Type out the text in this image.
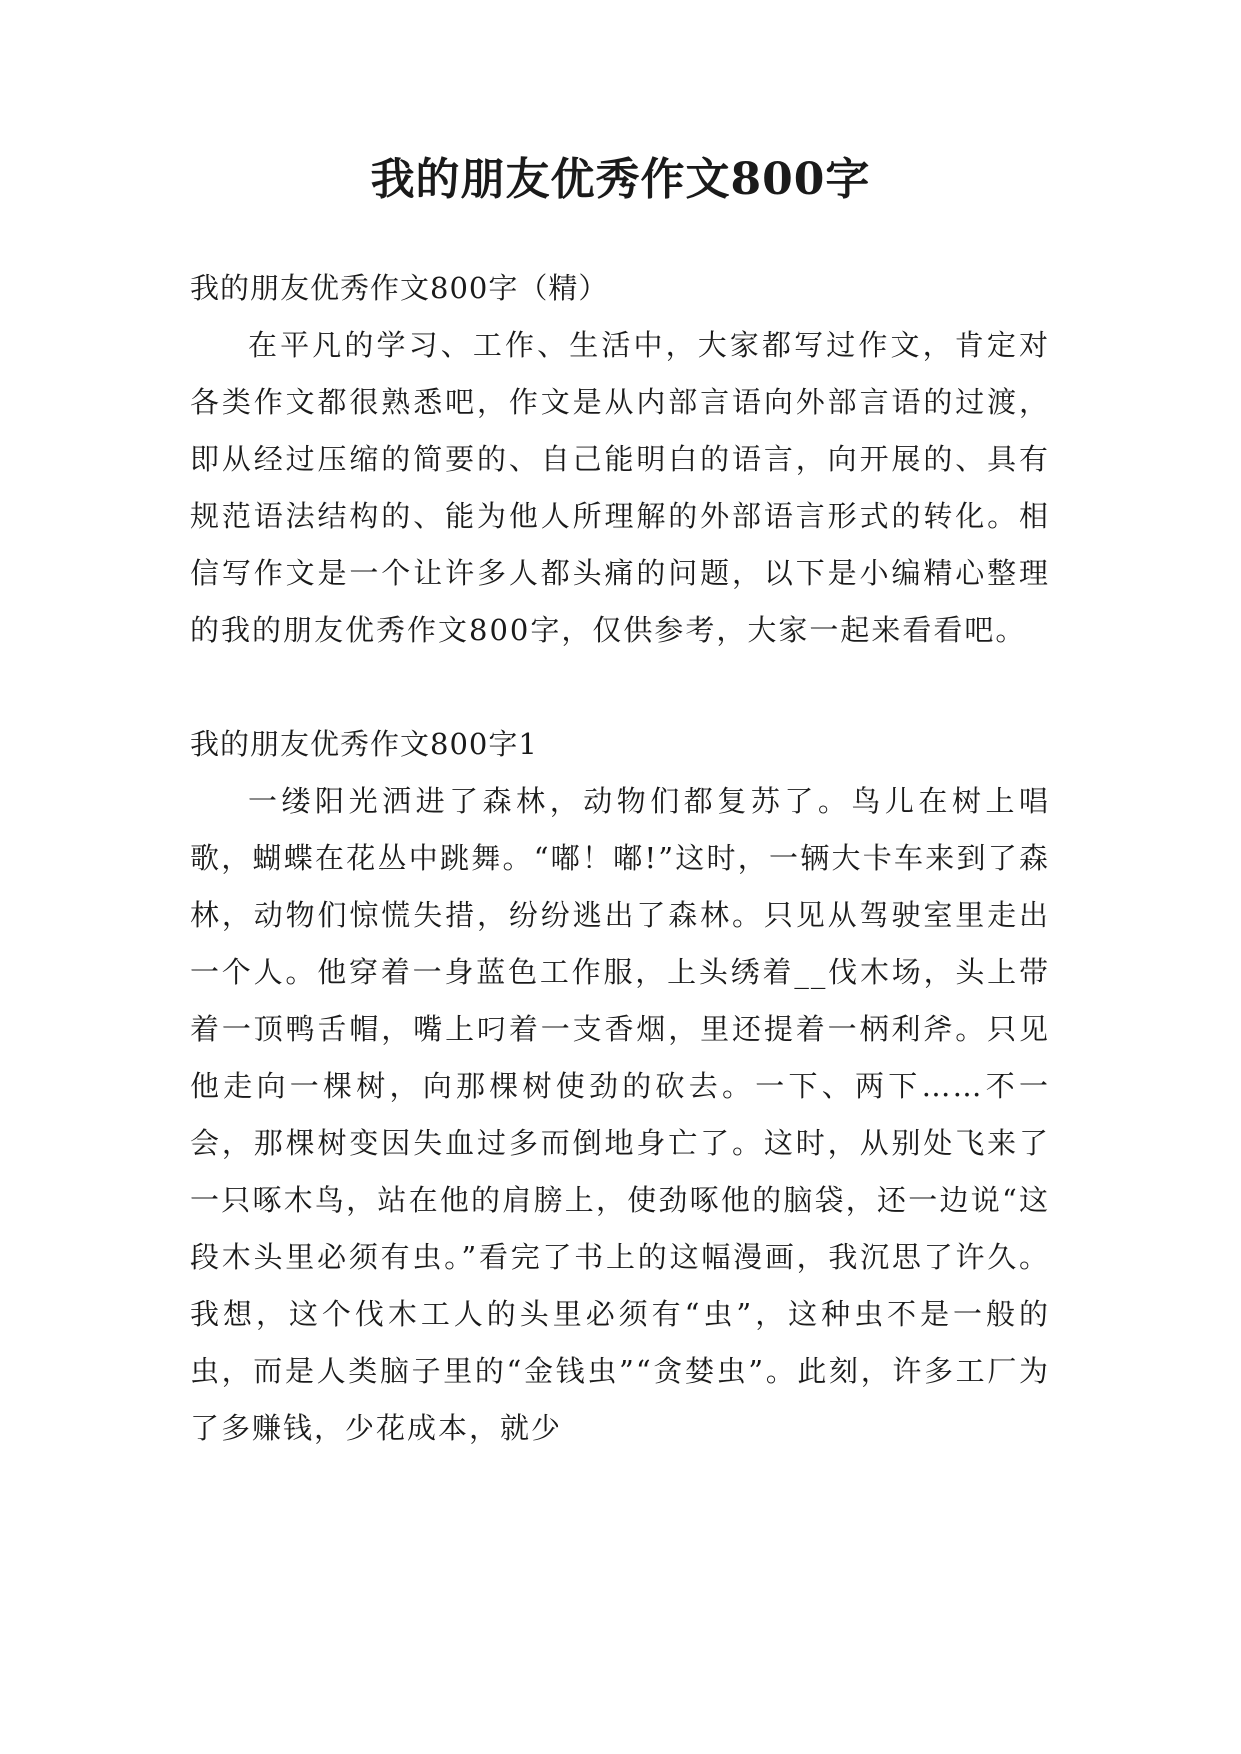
我的朋友优秀作文800字

我的朋友优秀作文800字（精）

在平凡的学习、工作、生活中，大家都写过作文，肯定对各类作文都很熟悉吧，作文是从内部言语向外部言语的过渡，即从经过压缩的简要的、自己能明白的语言，向开展的、具有规范语法结构的、能为他人所理解的外部语言形式的转化。相信写作文是一个让许多人都头痛的问题，以下是小编精心整理的我的朋友优秀作文800字，仅供参考，大家一起来看看吧。

我的朋友优秀作文800字1

一缕阳光洒进了森林，动物们都复苏了。鸟儿在树上唱歌，蝴蝶在花丛中跳舞。“嘟！嘟!”这时，一辆大卡车来到了森林，动物们惊慌失措，纷纷逃出了森林。只见从驾驶室里走出一个人。他穿着一身蓝色工作服，上头绣着__伐木场，头上带着一顶鸭舌帽，嘴上叼着一支香烟，里还提着一柄利斧。只见他走向一棵树，向那棵树使劲的砍去。一下、两下……不一会，那棵树变因失血过多而倒地身亡了。这时，从别处飞来了一只啄木鸟，站在他的肩膀上，使劲啄他的脑袋，还一边说“这段木头里必须有虫。”看完了书上的这幅漫画，我沉思了许久。我想，这个伐木工人的头里必须有“虫”，这种虫不是一般的虫，而是人类脑子里的“金钱虫”“贪婪虫”。此刻，许多工厂为了多赚钱，少花成本，就少
